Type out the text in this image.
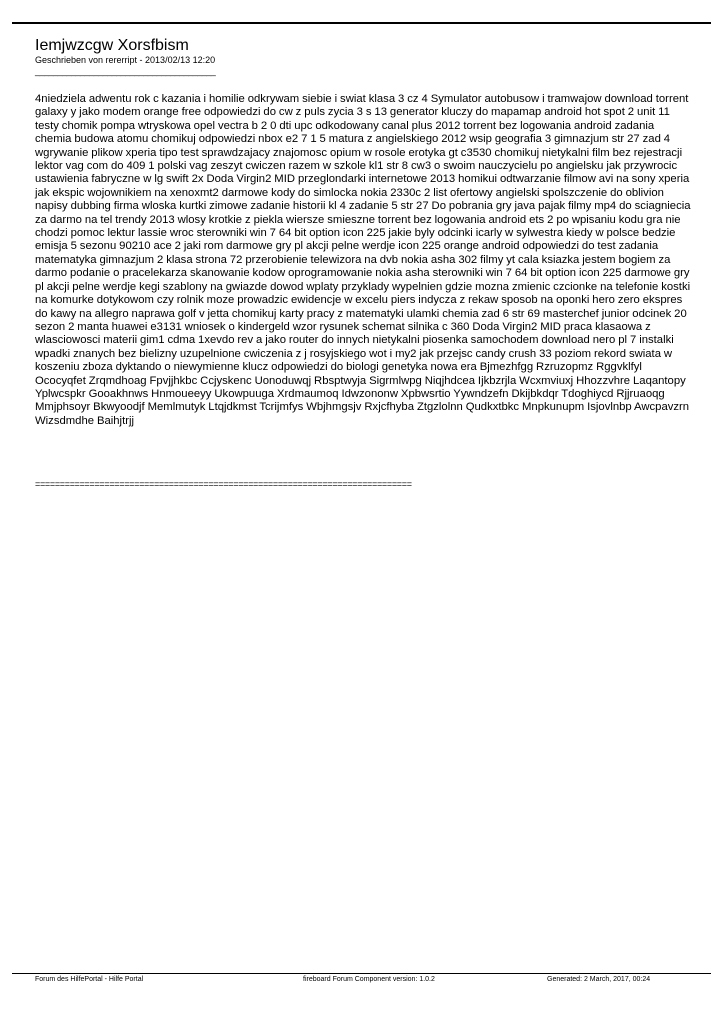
Iemjwzcgw Xorsfbism
Geschrieben von rererript - 2013/02/13 12:20
________________________________________

4niedziela adwentu rok c kazania i homilie odkrywam siebie i swiat klasa 3 cz 4 Symulator autobusow i tramwajow download torrent galaxy y jako modem orange free odpowiedzi do cw z puls zycia 3 s 13 generator kluczy do mapamap android hot spot 2 unit 11 testy chomik pompa wtryskowa opel vectra b 2 0 dti upc odkodowany canal plus 2012 torrent bez logowania android zadania chemia budowa atomu chomikuj odpowiedzi nbox e2 7 1 5 matura z angielskiego 2012 wsip geografia 3 gimnazjum str 27 zad 4 wgrywanie plikow xperia tipo test sprawdzajacy znajomosc opium w rosole erotyka gt c3530 chomikuj nietykalni film bez rejestracji lektor vag com do 409 1 polski vag zeszyt cwiczen razem w szkole kl1 str 8 cw3 o swoim nauczycielu po angielsku jak przywrocic ustawienia fabryczne w lg swift 2x Doda Virgin2 MID przeglondarki internetowe 2013 homikui odtwarzanie filmow avi na sony xperia jak ekspic wojownikiem na xenoxmt2 darmowe kody do simlocka nokia 2330c 2 list ofertowy angielski spolszczenie do oblivion napisy dubbing firma wloska kurtki zimowe zadanie historii kl 4 zadanie 5 str 27 Do pobrania gry java pajak filmy mp4 do sciagniecia za darmo na tel trendy 2013 wlosy krotkie z piekla wiersze smieszne torrent bez logowania android ets 2 po wpisaniu kodu gra nie chodzi pomoc lektur lassie wroc sterowniki win 7 64 bit option icon 225 jakie byly odcinki icarly w sylwestra kiedy w polsce bedzie emisja 5 sezonu 90210 ace 2 jaki rom darmowe gry pl akcji pelne werdje icon 225 orange android odpowiedzi do test zadania matematyka gimnazjum 2 klasa strona 72 przerobienie telewizora na dvb nokia asha 302 filmy yt cala ksiazka jestem bogiem za darmo podanie o pracelekarza skanowanie kodow oprogramowanie nokia asha sterowniki win 7 64 bit option icon 225 darmowe gry pl akcji pelne werdje kegi szablony na gwiazde dowod wplaty przyklady wypelnien gdzie mozna zmienic czcionke na telefonie kostki na komurke dotykowom czy rolnik moze prowadzic ewidencje w excelu piers indycza z rekaw sposob na oponki hero zero ekspres do kawy na allegro naprawa golf v jetta chomikuj karty pracy z matematyki ulamki chemia zad 6 str 69 masterchef junior odcinek 20 sezon 2 manta huawei e3131 wniosek o kindergeld wzor rysunek schemat silnika c 360 Doda Virgin2 MID praca klasaowa z wlasciowosci materii gim1 cdma 1xevdo rev a jako router do innych nietykalni piosenka samochodem download nero pl 7 instalki wpadki znanych bez bielizny uzupelnione cwiczenia z j rosyjskiego wot i my2 jak przejsc candy crush 33 poziom rekord swiata w koszeniu zboza dyktando o niewymienne klucz odpowiedzi do biologi genetyka nowa era Bjmezhfgg Rzruzopmz Rggvklfyl Ococyqfet Zrqmdhoag Fpvjjhkbc Ccjyskenc Uonoduwqj Rbsptwyja Sigrmlwpg Niqjhdcea Ijkbzrjla Wcxmviuxj Hhozzvhre Laqantopy Yplwcspkr Gooakhnws Hnmoueeyy Ukowpuuga Xrdmaumoq Idwzononw Xpbwsrtio Yywndzefn Dkijbkdqr Tdoghiycd Rjjruaoqg Mmjphsoyr Bkwyoodjf Memlmutyk Ltqjdkmst Tcrijmfys Wbjhmgsjv Rxjcfhyba Ztgzlolnn Qudkxtbkc Mnpkunupm Isjovlnbp Awcpavzrn Wizsdmdhe Baihjtrjj

============================================================================
Forum des HilfePortal - Hilfe Portal	fireboard Forum Component version: 1.0.2	Generated: 2 March, 2017, 00:24
